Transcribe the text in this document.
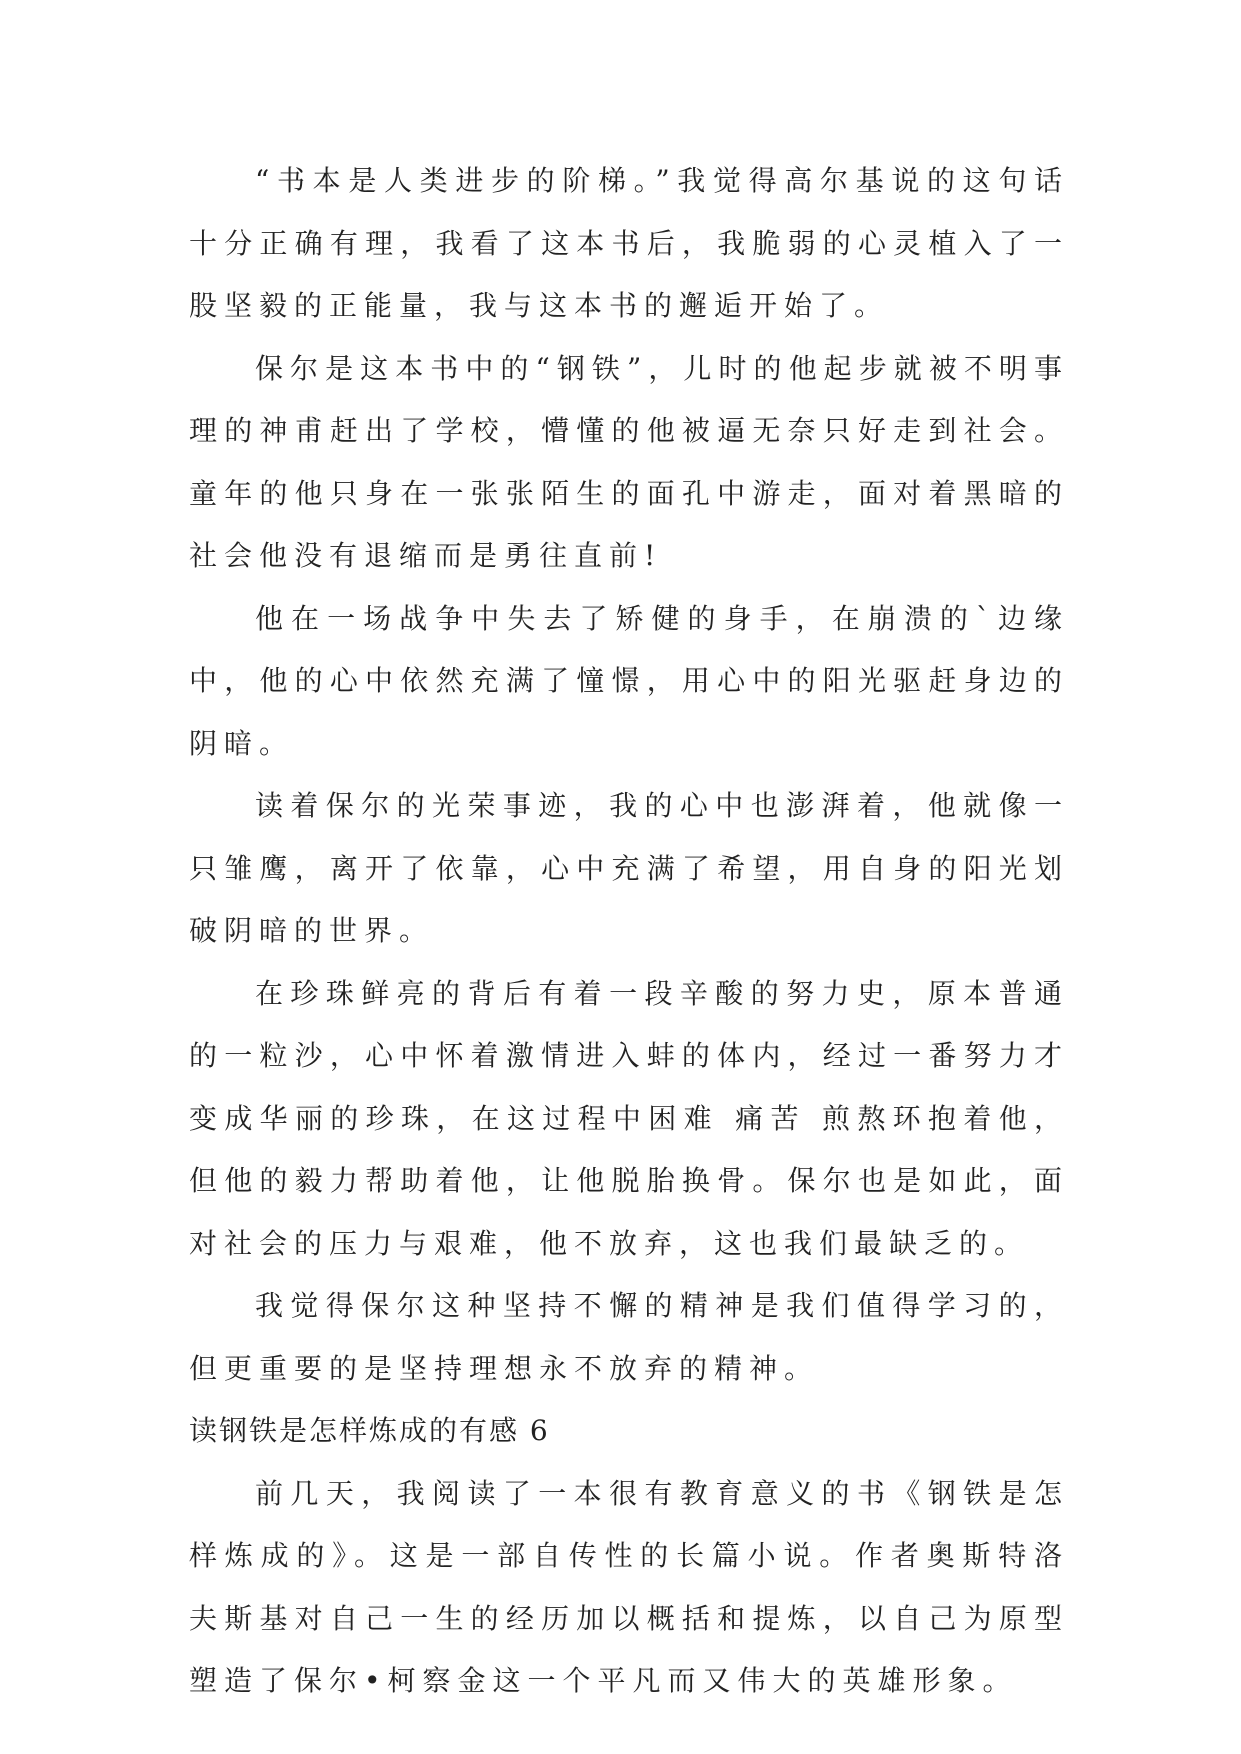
“书本是人类进步的阶梯。”我觉得高尔基说的这句话十分正确有理，我看了这本书后，我脆弱的心灵植入了一股坚毅的正能量，我与这本书的邂逅开始了。

保尔是这本书中的“钢铁”，儿时的他起步就被不明事理的神甫赶出了学校，懵懂的他被逼无奈只好走到社会。童年的他只身在一张张陌生的面孔中游走，面对着黑暗的社会他没有退缩而是勇往直前!

他在一场战争中失去了矫健的身手，在崩溃的`边缘中，他的心中依然充满了憧憬，用心中的阳光驱赶身边的阴暗。

读着保尔的光荣事迹，我的心中也澎湃着，他就像一只雏鹰，离开了依靠，心中充满了希望，用自身的阳光划破阴暗的世界。

在珍珠鲜亮的背后有着一段辛酸的努力史，原本普通的一粒沙，心中怀着激情进入蚌的体内，经过一番努力才变成华丽的珍珠，在这过程中困难 痛苦 煎熬环抱着他，但他的毅力帮助着他，让他脱胎换骨。保尔也是如此，面对社会的压力与艰难，他不放弃，这也我们最缺乏的。

我觉得保尔这种坚持不懈的精神是我们值得学习的，但更重要的是坚持理想永不放弃的精神。

读钢铁是怎样炼成的有感 6

前几天，我阅读了一本很有教育意义的书《钢铁是怎样炼成的》。这是一部自传性的长篇小说。作者奥斯特洛夫斯基对自己一生的经历加以概括和提炼，以自己为原型塑造了保尔•柯察金这一个平凡而又伟大的英雄形象。
